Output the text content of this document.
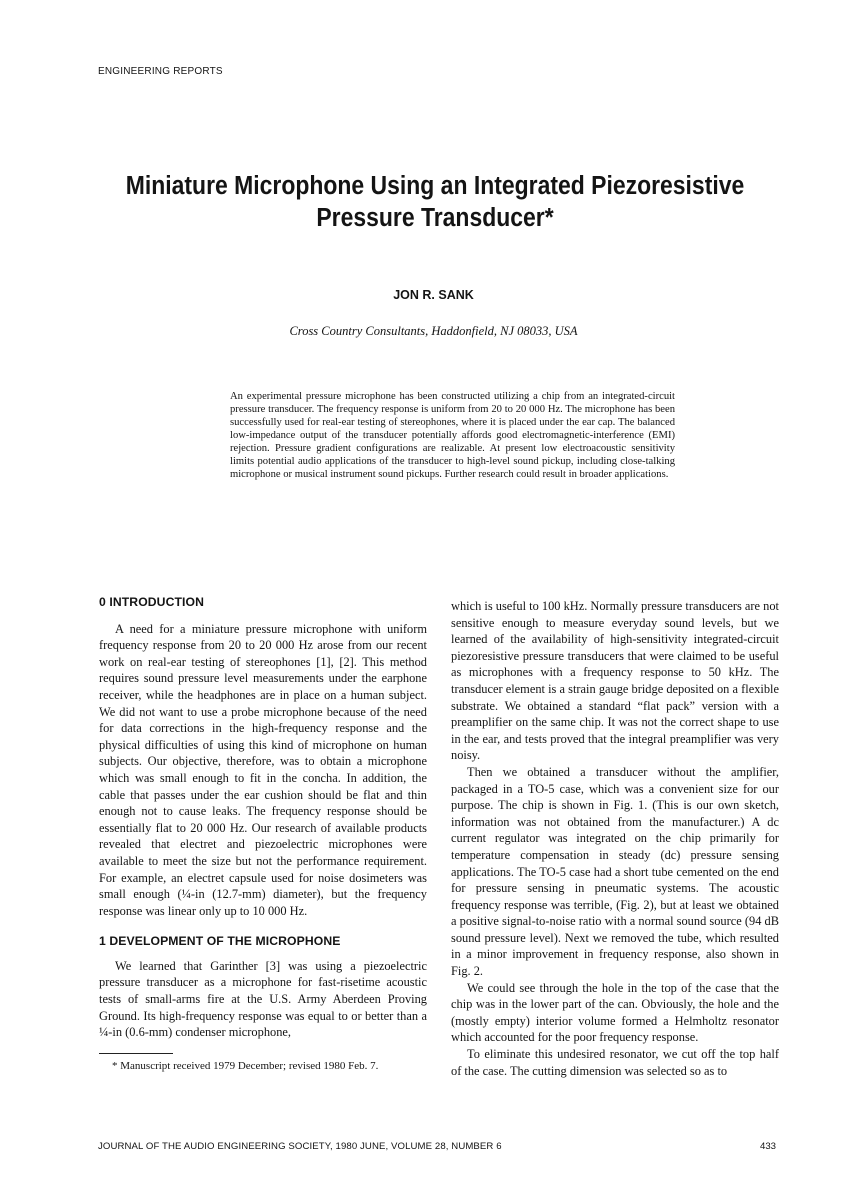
ENGINEERING REPORTS
Miniature Microphone Using an Integrated Piezoresistive
Pressure Transducer*
JON R. SANK
Cross Country Consultants, Haddonfield, NJ 08033, USA
An experimental pressure microphone has been constructed utilizing a chip from an integrated-circuit pressure transducer. The frequency response is uniform from 20 to 20 000 Hz. The microphone has been successfully used for real-ear testing of stereophones, where it is placed under the ear cap. The balanced low-impedance output of the transducer potentially affords good electromagnetic-interference (EMI) rejection. Pressure gradient configurations are realizable. At present low electroacoustic sensitivity limits potential audio applications of the transducer to high-level sound pickup, including close-talking microphone or musical instrument sound pickups. Further research could result in broader applications.
0 INTRODUCTION

A need for a miniature pressure microphone with uniform frequency response from 20 to 20 000 Hz arose from our recent work on real-ear testing of stereophones [1], [2]. This method requires sound pressure level measurements under the earphone receiver, while the headphones are in place on a human subject. We did not want to use a probe microphone because of the need for data corrections in the high-frequency response and the physical difficulties of using this kind of microphone on human subjects. Our objective, therefore, was to obtain a microphone which was small enough to fit in the concha. In addition, the cable that passes under the ear cushion should be flat and thin enough not to cause leaks. The frequency response should be essentially flat to 20 000 Hz. Our research of available products revealed that electret and piezoelectric microphones were available to meet the size but not the performance requirement. For example, an electret capsule used for noise dosimeters was small enough (¼-in (12.7-mm) diameter), but the frequency response was linear only up to 10 000 Hz.

1 DEVELOPMENT OF THE MICROPHONE

We learned that Garinther [3] was using a piezoelectric pressure transducer as a microphone for fast-risetime acoustic tests of small-arms fire at the U.S. Army Aberdeen Proving Ground. Its high-frequency response was equal to or better than a ¼-in (0.6-mm) condenser microphone,

which is useful to 100 kHz. Normally pressure transducers are not sensitive enough to measure everyday sound levels, but we learned of the availability of high-sensitivity integrated-circuit piezoresistive pressure transducers that were claimed to be useful as microphones with a frequency response to 50 kHz. The transducer element is a strain gauge bridge deposited on a flexible substrate. We obtained a standard “flat pack” version with a preamplifier on the same chip. It was not the correct shape to use in the ear, and tests proved that the integral preamplifier was very noisy.

Then we obtained a transducer without the amplifier, packaged in a TO-5 case, which was a convenient size for our purpose. The chip is shown in Fig. 1. (This is our own sketch, information was not obtained from the manufacturer.) A dc current regulator was integrated on the chip primarily for temperature compensation in steady (dc) pressure sensing applications. The TO-5 case had a short tube cemented on the end for pressure sensing in pneumatic systems. The acoustic frequency response was terrible, (Fig. 2), but at least we obtained a positive signal-to-noise ratio with a normal sound source (94 dB sound pressure level). Next we removed the tube, which resulted in a minor improvement in frequency response, also shown in Fig. 2.

We could see through the hole in the top of the case that the chip was in the lower part of the can. Obviously, the hole and the (mostly empty) interior volume formed a Helmholtz resonator which accounted for the poor frequency response.

To eliminate this undesired resonator, we cut off the top half of the case. The cutting dimension was selected so as to

* Manuscript received 1979 December; revised 1980 Feb. 7.
JOURNAL OF THE AUDIO ENGINEERING SOCIETY, 1980 JUNE, VOLUME 28, NUMBER 6	433
